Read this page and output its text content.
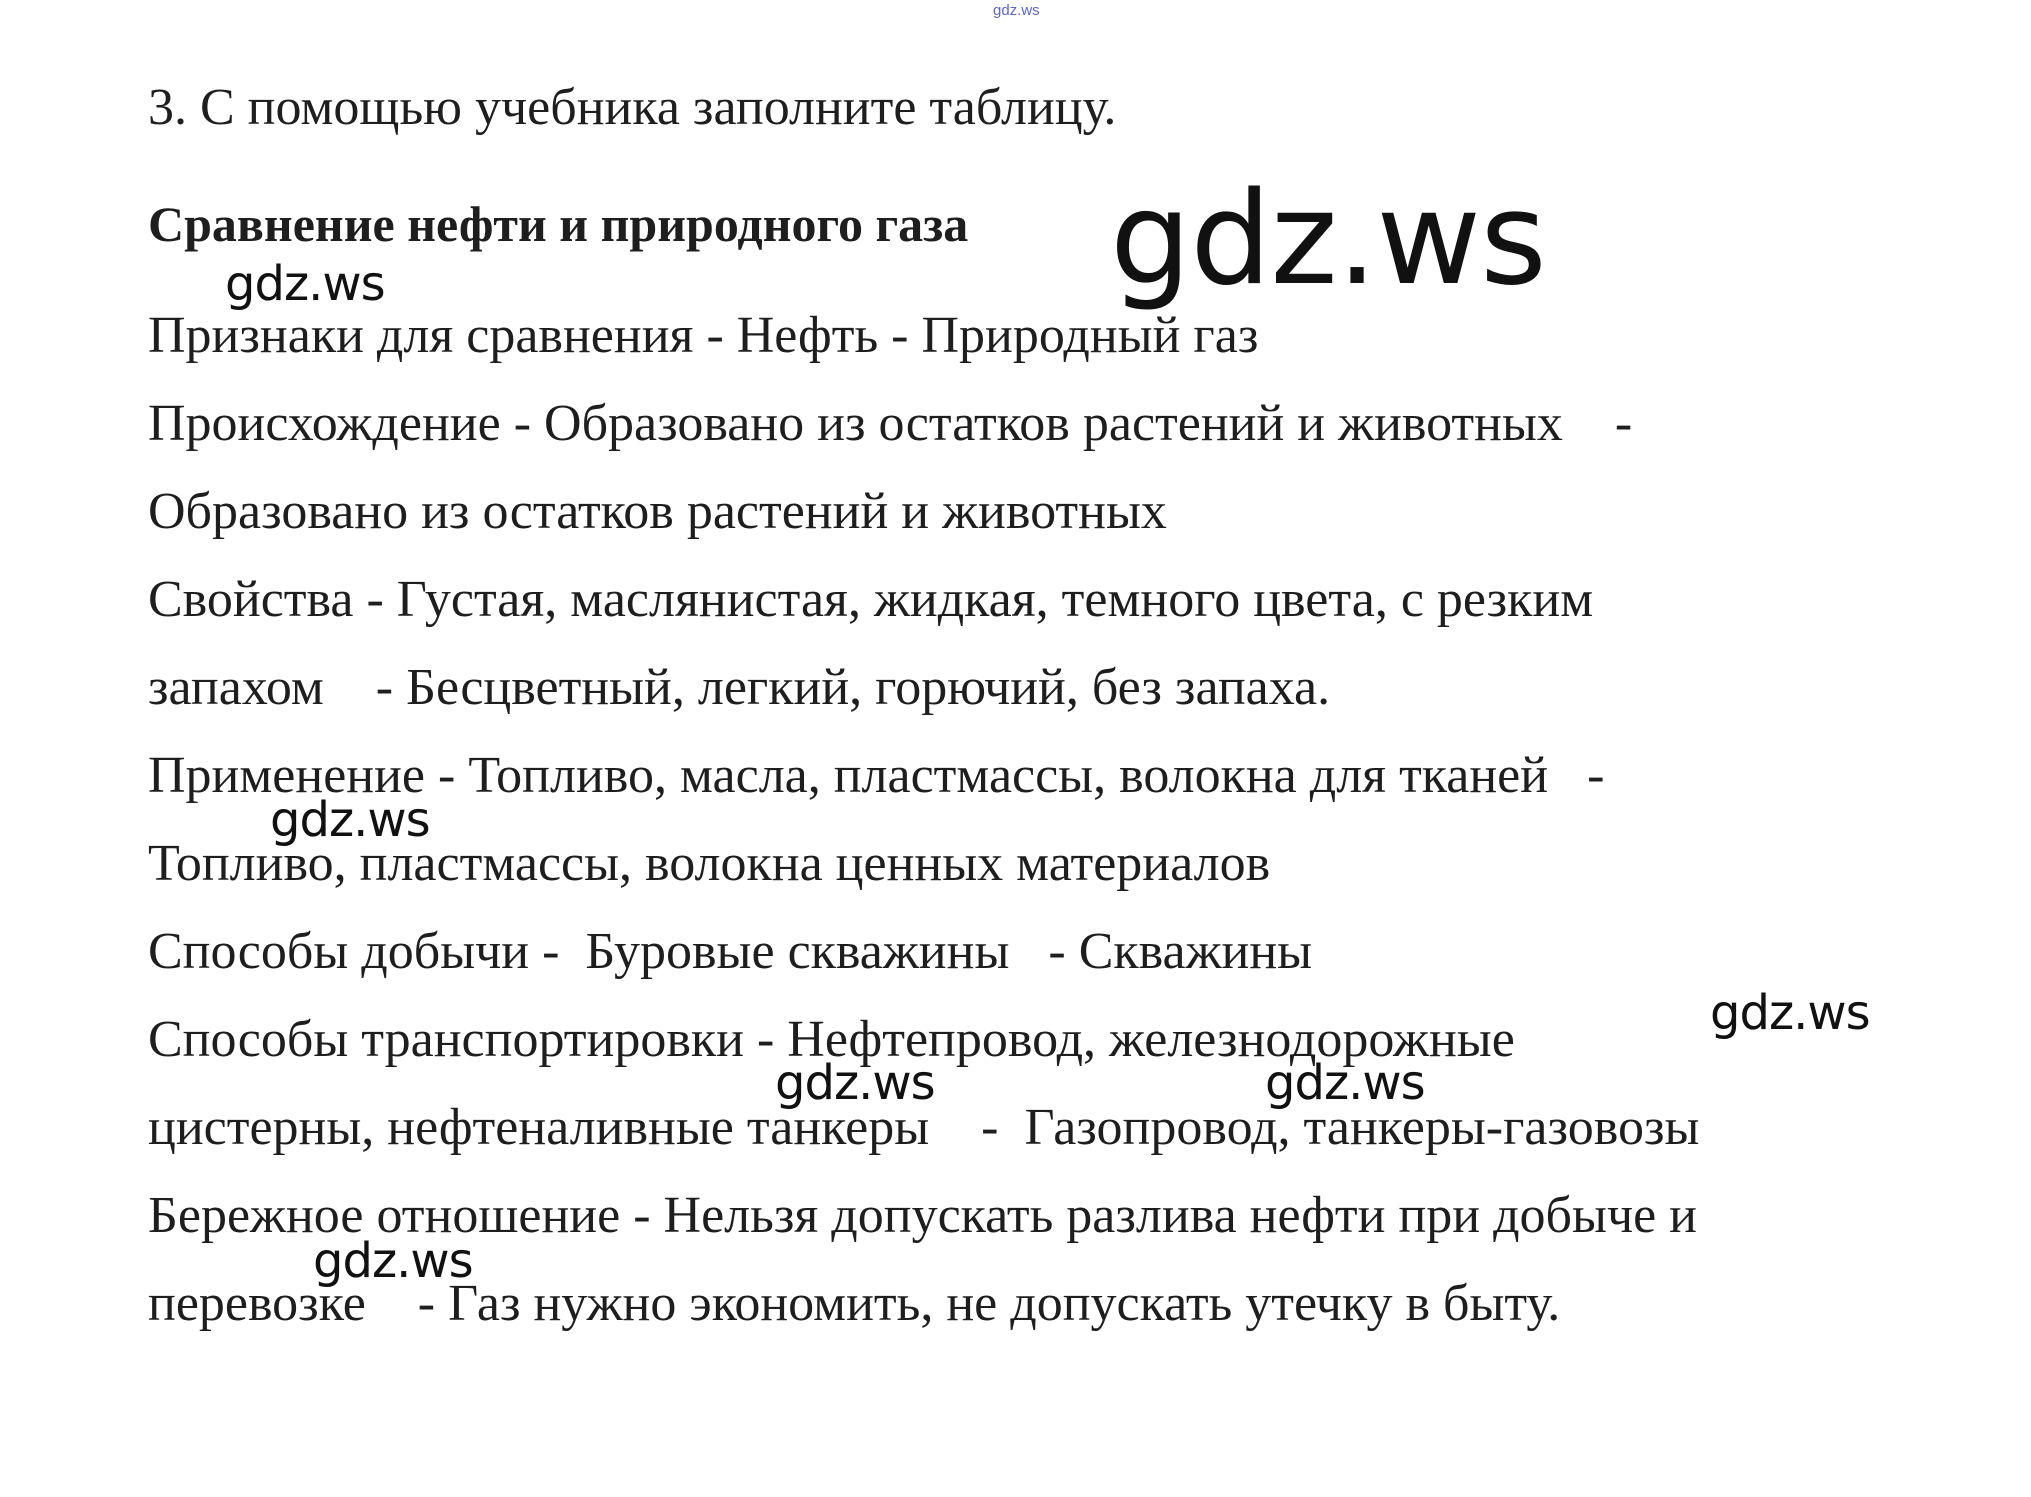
gdz.ws
3. С помощью учебника заполните таблицу.
Сравнение нефти и природного газа
Признаки для сравнения - Нефть - Природный газ
Происхождение - Образовано из остатков растений и животных    -
Образовано из остатков растений и животных
Свойства - Густая, маслянистая, жидкая, темного цвета, с резким
запахом    - Бесцветный, легкий, горючий, без запаха.
Применение - Топливо, масла, пластмассы, волокна для тканей   -
Топливо, пластмассы, волокна ценных материалов
Способы добычи -  Буровые скважины   - Скважины
Способы транспортировки - Нефтепровод, железнодорожные
цистерны, нефтеналивные танкеры    -  Газопровод, танкеры-газовозы
Бережное отношение - Нельзя допускать разлива нефти при добыче и
перевозке    - Газ нужно экономить, не допускать утечку в быту.
gdz.ws
gdz.ws
gdz.ws
gdz.ws
gdz.ws	gdz.ws
gdz.ws
